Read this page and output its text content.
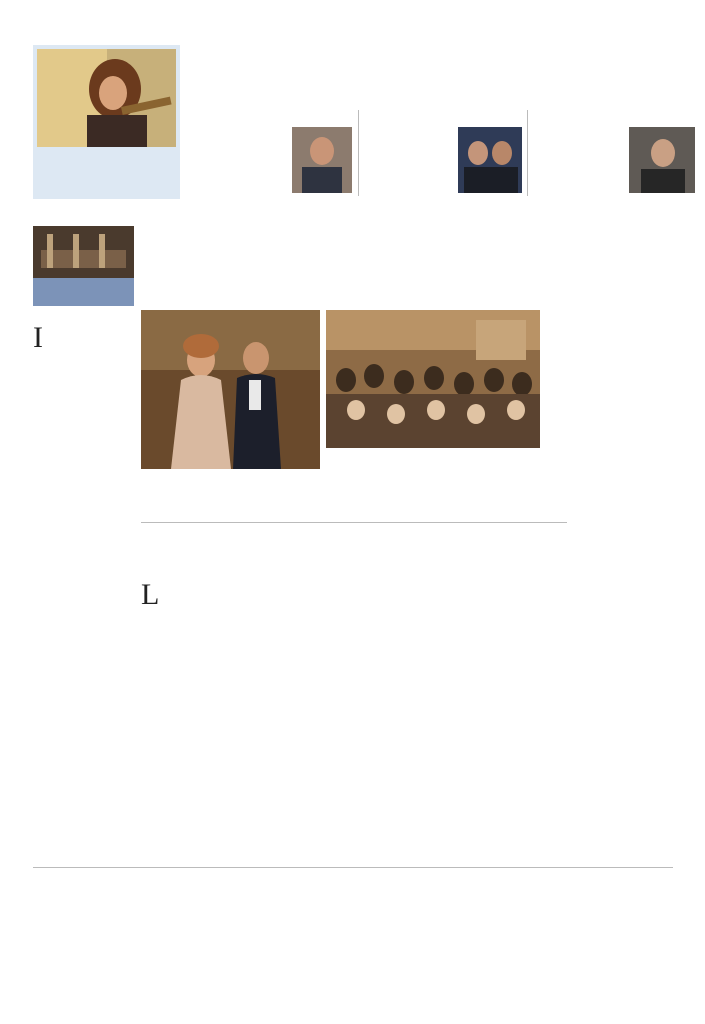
I
L
